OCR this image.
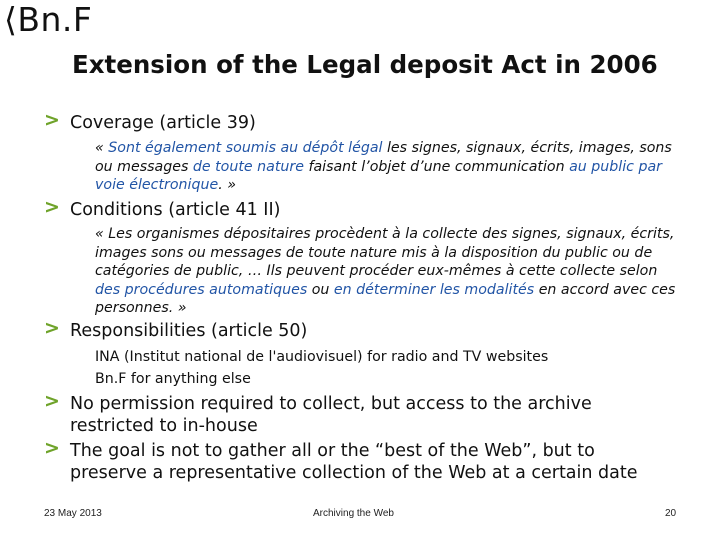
⟨Bn.F
Extension of the Legal deposit Act in 2006
> Coverage (article 39)
« Sont également soumis au dépôt légal les signes, signaux, écrits, images, sons ou messages de toute nature faisant l’objet d’une communication au public par voie électronique. »
> Conditions (article 41 II)
« Les organismes dépositaires procèdent à la collecte des signes, signaux, écrits, images sons ou messages de toute nature mis à la disposition du public ou de catégories de public, … Ils peuvent procéder eux-mêmes à cette collecte selon des procédures automatiques ou en déterminer les modalités en accord avec ces personnes. »
> Responsibilities (article 50)
INA (Institut national de l'audiovisuel) for radio and TV websites
Bn.F for anything else
> No permission required to collect, but access to the archive restricted to in-house
> The goal is not to gather all or the “best of the Web”, but to preserve a representative collection of the Web at a certain date
23 May 2013	Archiving the Web	20
